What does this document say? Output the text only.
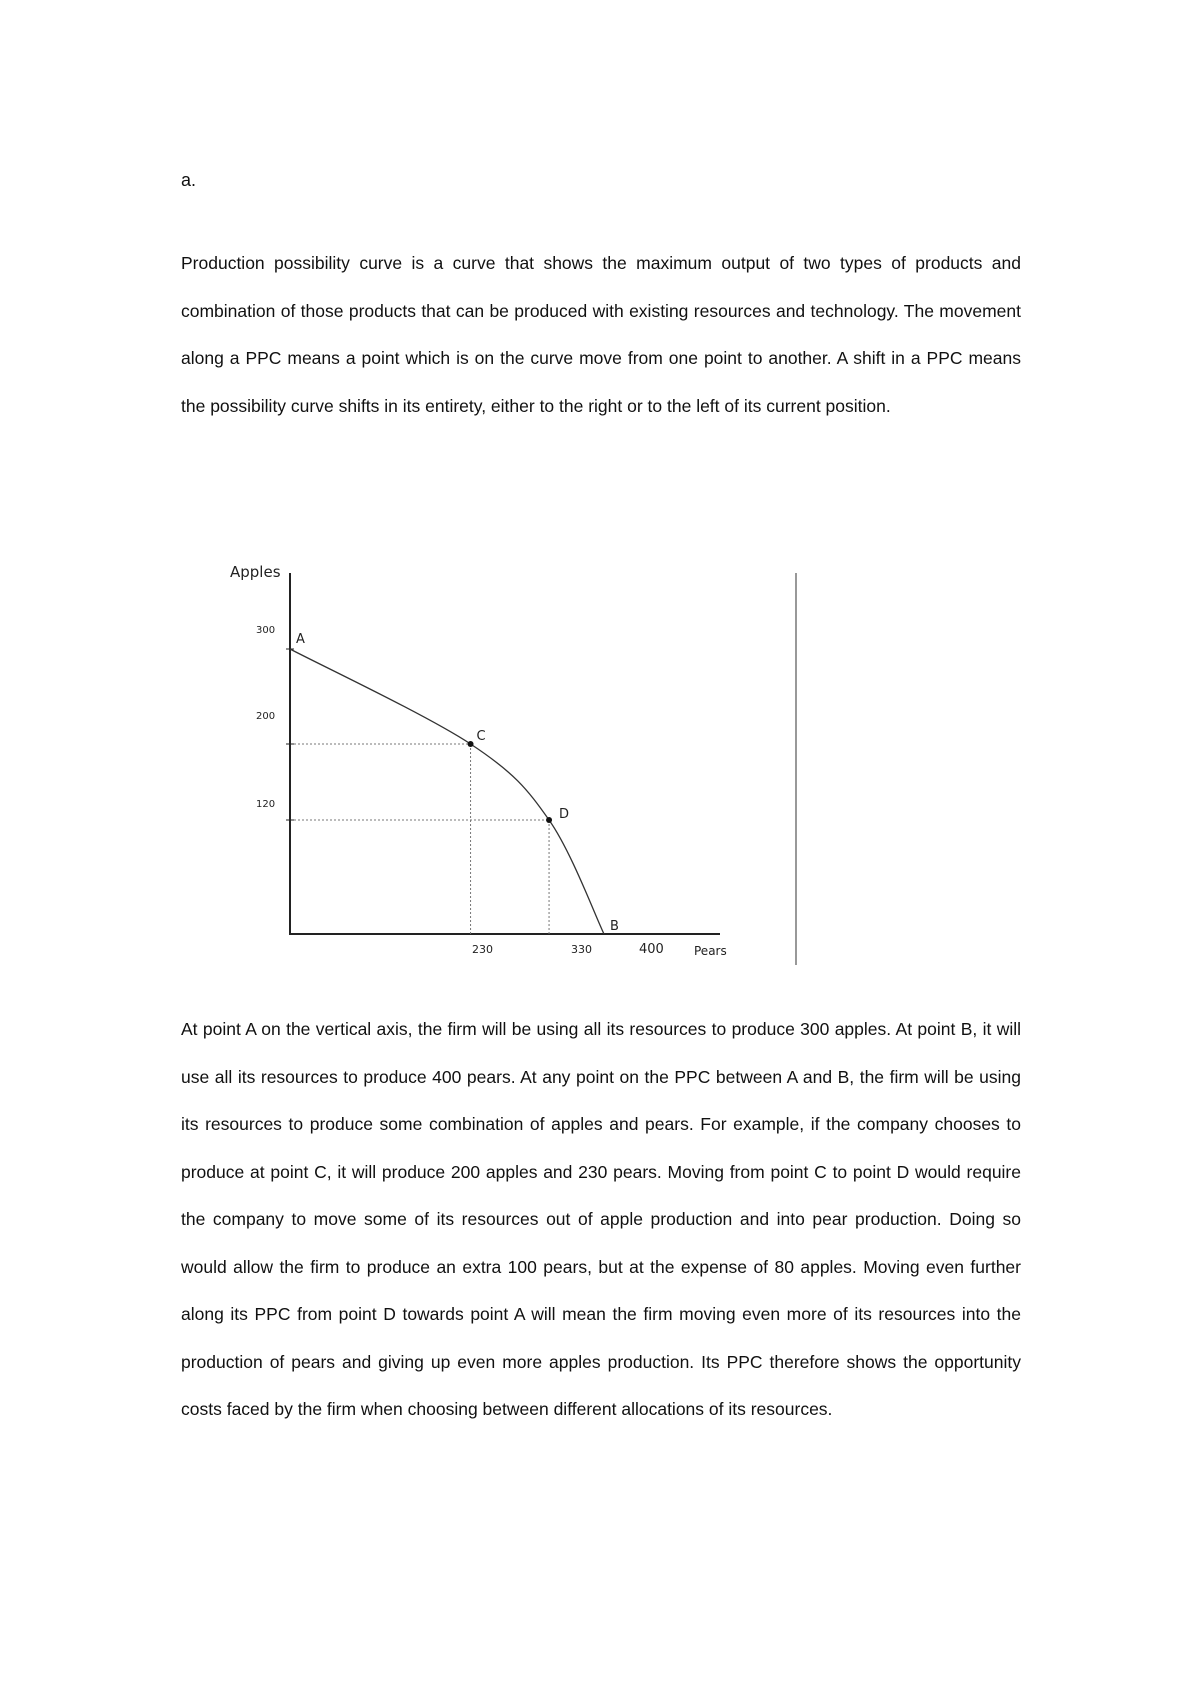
a.

Production possibility curve is a curve that shows the maximum output of two types of products and combination of those products that can be produced with existing resources and technology. The movement along a PPC means a point which is on the curve move from one point to another. A shift in a PPC means the possibility curve shifts in its entirety, either to the right or to the left of its current position.

Apples
Pears
300
200
120
230	330	400
A
C
D
B

At point A on the vertical axis, the firm will be using all its resources to produce 300 apples. At point B, it will use all its resources to produce 400 pears. At any point on the PPC between A and B, the firm will be using its resources to produce some combination of apples and pears. For example, if the company chooses to produce at point C, it will produce 200 apples and 230 pears. Moving from point C to point D would require the company to move some of its resources out of apple production and into pear production. Doing so would allow the firm to produce an extra 100 pears, but at the expense of 80 apples. Moving even further along its PPC from point D towards point A will mean the firm moving even more of its resources into the production of pears and giving up even more apples production. Its PPC therefore shows the opportunity costs faced by the firm when choosing between different allocations of its resources.
